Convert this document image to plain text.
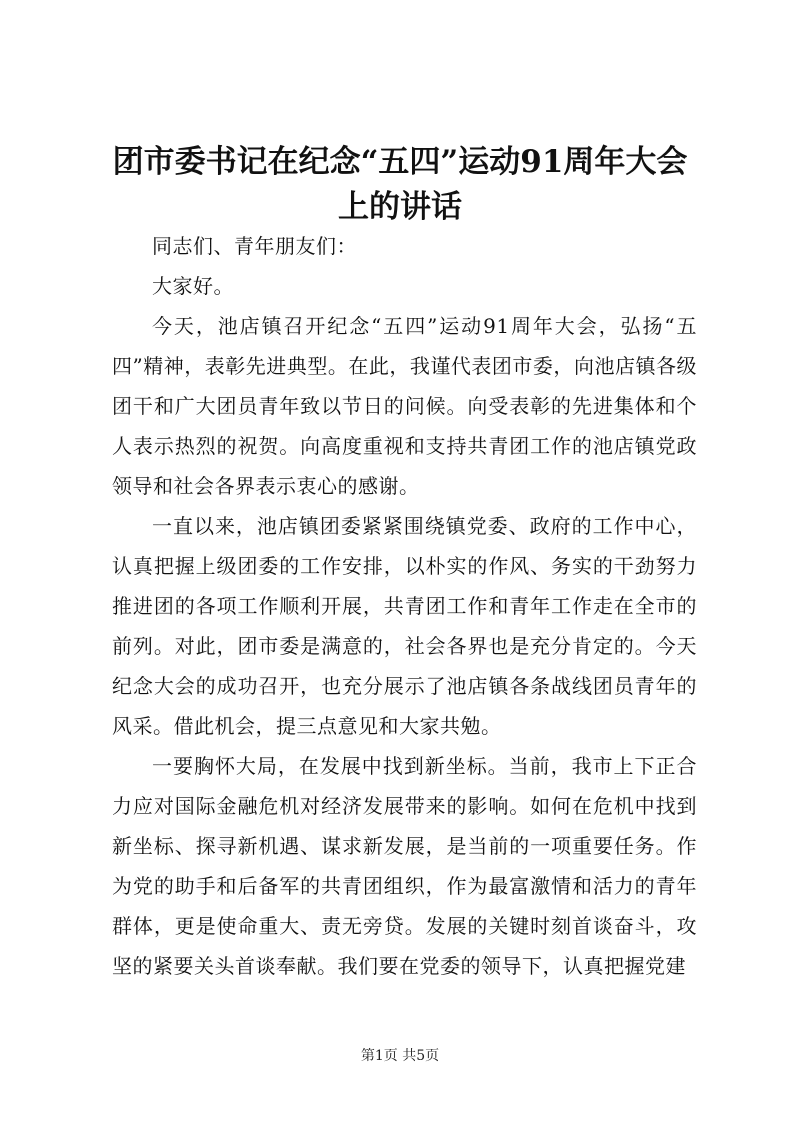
团市委书记在纪念“五四”运动91周年大会上的讲话

同志们、青年朋友们：

大家好。

今天，池店镇召开纪念“五四”运动91周年大会，弘扬“五四”精神，表彰先进典型。在此，我谨代表团市委，向池店镇各级团干和广大团员青年致以节日的问候。向受表彰的先进集体和个人表示热烈的祝贺。向高度重视和支持共青团工作的池店镇党政领导和社会各界表示衷心的感谢。

一直以来，池店镇团委紧紧围绕镇党委、政府的工作中心，认真把握上级团委的工作安排，以朴实的作风、务实的干劲努力推进团的各项工作顺利开展，共青团工作和青年工作走在全市的前列。对此，团市委是满意的，社会各界也是充分肯定的。今天纪念大会的成功召开，也充分展示了池店镇各条战线团员青年的风采。借此机会，提三点意见和大家共勉。

一要胸怀大局，在发展中找到新坐标。当前，我市上下正合力应对国际金融危机对经济发展带来的影响。如何在危机中找到新坐标、探寻新机遇、谋求新发展，是当前的一项重要任务。作为党的助手和后备军的共青团组织，作为最富激情和活力的青年群体，更是使命重大、责无旁贷。发展的关键时刻首谈奋斗，攻坚的紧要关头首谈奉献。我们要在党委的领导下，认真把握党建

第1页 共5页
